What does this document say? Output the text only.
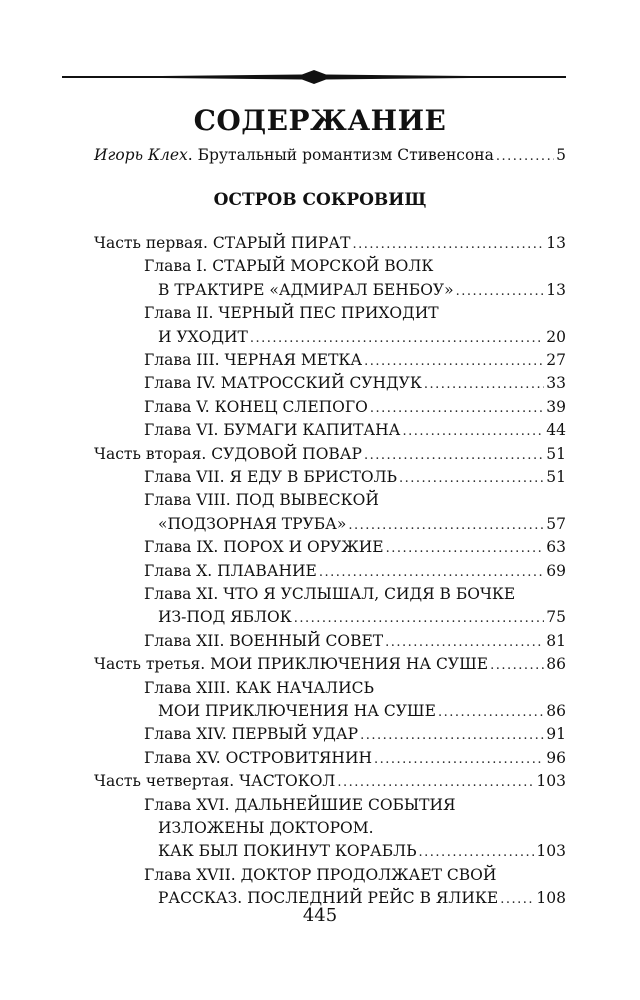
СОДЕРЖАНИЕ
Игорь Клех. Брутальный романтизм Стивенсона .....	5
ОСТРОВ СОКРОВИЩ
Часть первая. СТАРЫЙ ПИРАТ .....	13
Глава I. СТАРЫЙ МОРСКОЙ ВОЛК
В ТРАКТИРЕ «АДМИРАЛ БЕНБОУ» .....	13
Глава II. ЧЕРНЫЙ ПЕС ПРИХОДИТ
И УХОДИТ .....	20
Глава III. ЧЕРНАЯ МЕТКА .....	27
Глава IV. МАТРОССКИЙ СУНДУК .....	33
Глава V. КОНЕЦ СЛЕПОГО .....	39
Глава VI. БУМАГИ КАПИТАНА .....	44
Часть вторая. СУДОВОЙ ПОВАР .....	51
Глава VII. Я ЕДУ В БРИСТОЛЬ .....	51
Глава VIII. ПОД ВЫВЕСКОЙ
«ПОДЗОРНАЯ ТРУБА» .....	57
Глава IX. ПОРОХ И ОРУЖИЕ .....	63
Глава X. ПЛАВАНИЕ .....	69
Глава XI. ЧТО Я УСЛЫШАЛ, СИДЯ В БОЧКЕ
ИЗ-ПОД ЯБЛОК .....	75
Глава XII. ВОЕННЫЙ СОВЕТ .....	81
Часть третья. МОИ ПРИКЛЮЧЕНИЯ НА СУШЕ .....	86
Глава XIII. КАК НАЧАЛИСЬ
МОИ ПРИКЛЮЧЕНИЯ НА СУШЕ .....	86
Глава XIV. ПЕРВЫЙ УДАР .....	91
Глава XV. ОСТРОВИТЯНИН .....	96
Часть четвертая. ЧАСТОКОЛ .....	103
Глава XVI. ДАЛЬНЕЙШИЕ СОБЫТИЯ
ИЗЛОЖЕНЫ ДОКТОРОМ.
КАК БЫЛ ПОКИНУТ КОРАБЛЬ .....	103
Глава XVII. ДОКТОР ПРОДОЛЖАЕТ СВОЙ
РАССКАЗ. ПОСЛЕДНИЙ РЕЙС В ЯЛИКЕ ..... 108
445
